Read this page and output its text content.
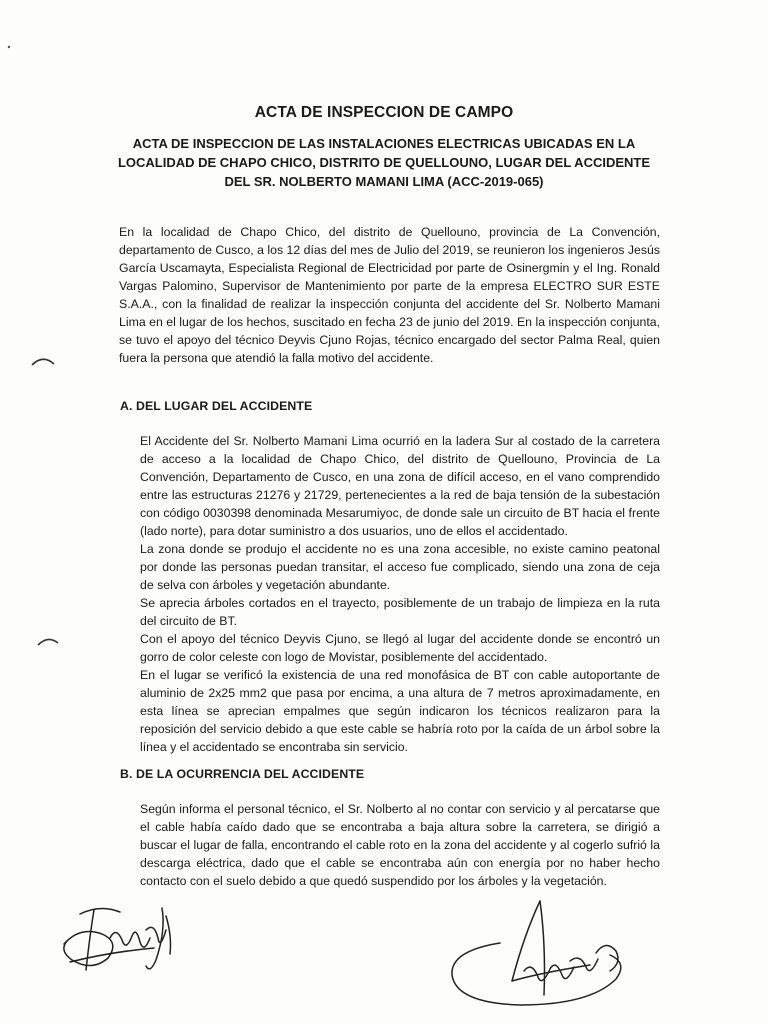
ACTA DE INSPECCION DE CAMPO
ACTA DE INSPECCION DE LAS INSTALACIONES ELECTRICAS UBICADAS EN LA LOCALIDAD DE CHAPO CHICO, DISTRITO DE QUELLOUNO, LUGAR DEL ACCIDENTE DEL SR. NOLBERTO MAMANI LIMA (ACC-2019-065)
En la localidad de Chapo Chico, del distrito de Quellouno, provincia de La Convención, departamento de Cusco, a los 12 días del mes de Julio del 2019, se reunieron los ingenieros Jesús García Uscamayta, Especialista Regional de Electricidad por parte de Osinergmin y el Ing. Ronald Vargas Palomino, Supervisor de Mantenimiento por parte de la empresa ELECTRO SUR ESTE S.A.A., con la finalidad de realizar la inspección conjunta del accidente del Sr. Nolberto Mamani Lima en el lugar de los hechos, suscitado en fecha 23 de junio del 2019. En la inspección conjunta, se tuvo el apoyo del técnico Deyvis Cjuno Rojas, técnico encargado del sector Palma Real, quien fuera la persona que atendió la falla motivo del accidente.
A. DEL LUGAR DEL ACCIDENTE

El Accidente del Sr. Nolberto Mamani Lima ocurrió en la ladera Sur al costado de la carretera de acceso a la localidad de Chapo Chico, del distrito de Quellouno, Provincia de La Convención, Departamento de Cusco, en una zona de difícil acceso, en el vano comprendido entre las estructuras 21276 y 21729, pertenecientes a la red de baja tensión de la subestación con código 0030398 denominada Mesarumiyoc, de donde sale un circuito de BT hacia el frente (lado norte), para dotar suministro a dos usuarios, uno de ellos el accidentado.

La zona donde se produjo el accidente no es una zona accesible, no existe camino peatonal por donde las personas puedan transitar, el acceso fue complicado, siendo una zona de ceja de selva con árboles y vegetación abundante.

Se aprecia árboles cortados en el trayecto, posiblemente de un trabajo de limpieza en la ruta del circuito de BT.

Con el apoyo del técnico Deyvis Cjuno, se llegó al lugar del accidente donde se encontró un gorro de color celeste con logo de Movistar, posiblemente del accidentado.

En el lugar se verificó la existencia de una red monofásica de BT con cable autoportante de aluminio de 2x25 mm2 que pasa por encima, a una altura de 7 metros aproximadamente, en esta línea se aprecian empalmes que según indicaron los técnicos realizaron para la reposición del servicio debido a que este cable se habría roto por la caída de un árbol sobre la línea y el accidentado se encontraba sin servicio.

B. DE LA OCURRENCIA DEL ACCIDENTE

Según informa el personal técnico, el Sr. Nolberto al no contar con servicio y al percatarse que el cable había caído dado que se encontraba a baja altura sobre la carretera, se dirigió a buscar el lugar de falla, encontrando el cable roto en la zona del accidente y al cogerlo sufrió la descarga eléctrica, dado que el cable se encontraba aún con energía por no haber hecho contacto con el suelo debido a que quedó suspendido por los árboles y la vegetación.
